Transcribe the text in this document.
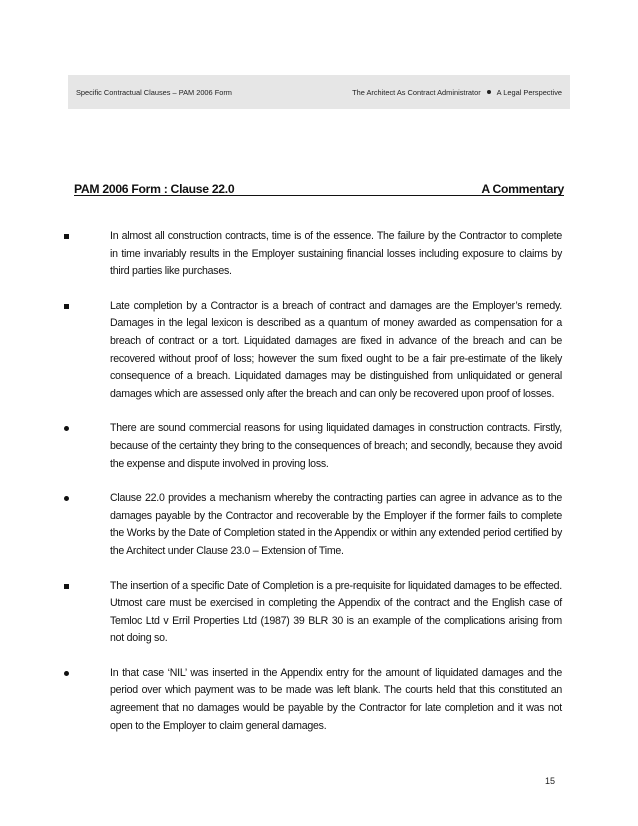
Specific Contractual Clauses – PAM 2006 Form	The Architect As Contract Administrator A Legal Perspective
PAM 2006 Form : Clause 22.0	A Commentary
In almost all construction contracts, time is of the essence. The failure by the Contractor to complete in time invariably results in the Employer sustaining financial losses including exposure to claims by third parties like purchases.
Late completion by a Contractor is a breach of contract and damages are the Employer’s remedy. Damages in the legal lexicon is described as a quantum of money awarded as compensation for a breach of contract or a tort. Liquidated damages are fixed in advance of the breach and can be recovered without proof of loss; however the sum fixed ought to be a fair pre-estimate of the likely consequence of a breach. Liquidated damages may be distinguished from unliquidated or general damages which are assessed only after the breach and can only be recovered upon proof of losses.
There are sound commercial reasons for using liquidated damages in construction contracts. Firstly, because of the certainty they bring to the consequences of breach; and secondly, because they avoid the expense and dispute involved in proving loss.
Clause 22.0 provides a mechanism whereby the contracting parties can agree in advance as to the damages payable by the Contractor and recoverable by the Employer if the former fails to complete the Works by the Date of Completion stated in the Appendix or within any extended period certified by the Architect under Clause 23.0 – Extension of Time.
The insertion of a specific Date of Completion is a pre-requisite for liquidated damages to be effected. Utmost care must be exercised in completing the Appendix of the contract and the English case of Temloc Ltd v Erril Properties Ltd (1987) 39 BLR 30 is an example of the complications arising from not doing so.
In that case ‘NIL’ was inserted in the Appendix entry for the amount of liquidated damages and the period over which payment was to be made was left blank. The courts held that this constituted an agreement that no damages would be payable by the Contractor for late completion and it was not open to the Employer to claim general damages.
15
